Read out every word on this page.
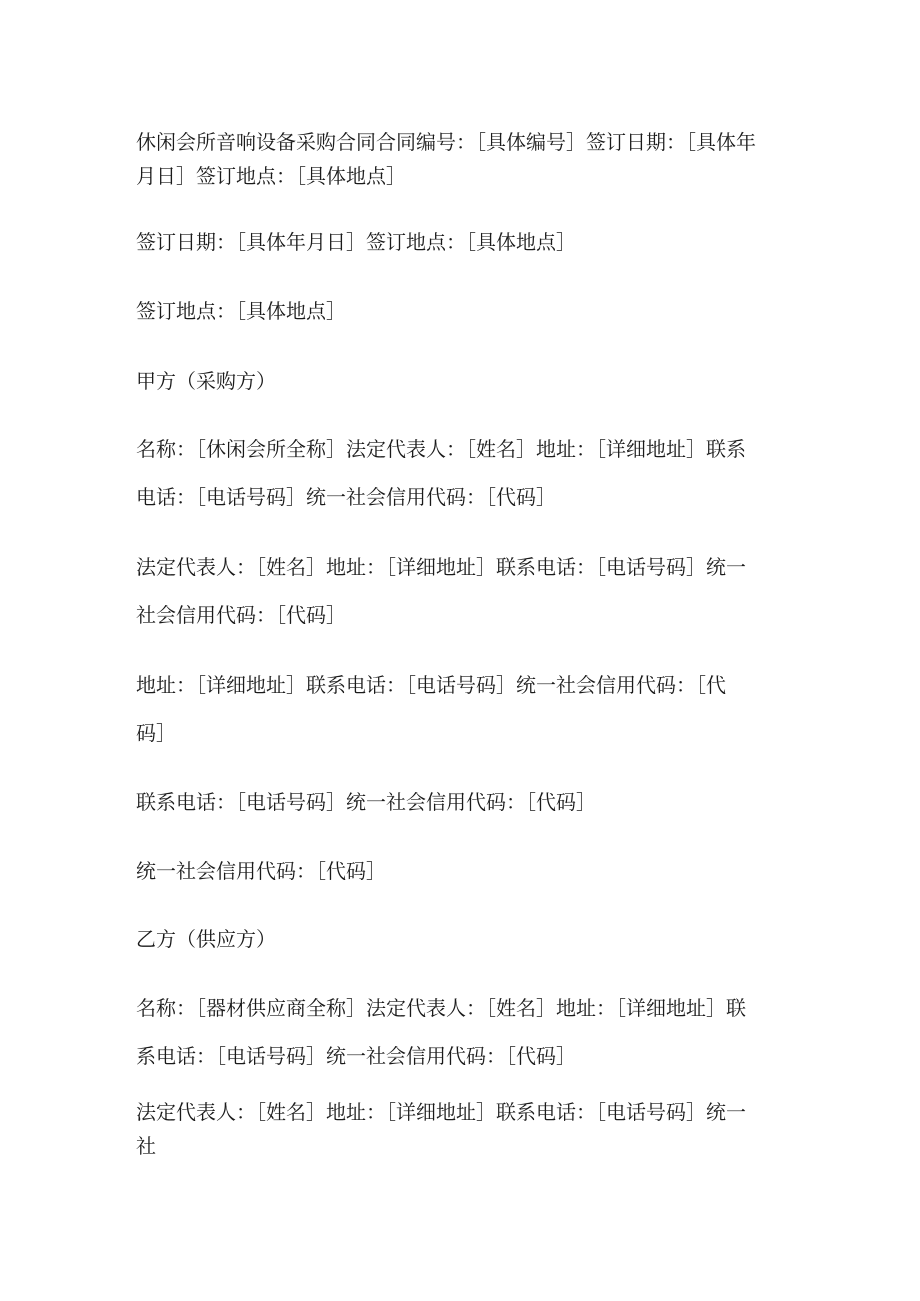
休闲会所音响设备采购合同合同编号：［具体编号］签订日期：［具体年
月日］签订地点：［具体地点］

签订日期：［具体年月日］签订地点：［具体地点］

签订地点：［具体地点］

甲方（采购方）

名称：［休闲会所全称］法定代表人：［姓名］地址：［详细地址］联系
电话：［电话号码］统一社会信用代码：［代码］

法定代表人：［姓名］地址：［详细地址］联系电话：［电话号码］统一
社会信用代码：［代码］

地址：［详细地址］联系电话：［电话号码］统一社会信用代码：［代
码］

联系电话：［电话号码］统一社会信用代码：［代码］

统一社会信用代码：［代码］

乙方（供应方）

名称：［器材供应商全称］法定代表人：［姓名］地址：［详细地址］联
系电话：［电话号码］统一社会信用代码：［代码］

法定代表人：［姓名］地址：［详细地址］联系电话：［电话号码］统一
社
